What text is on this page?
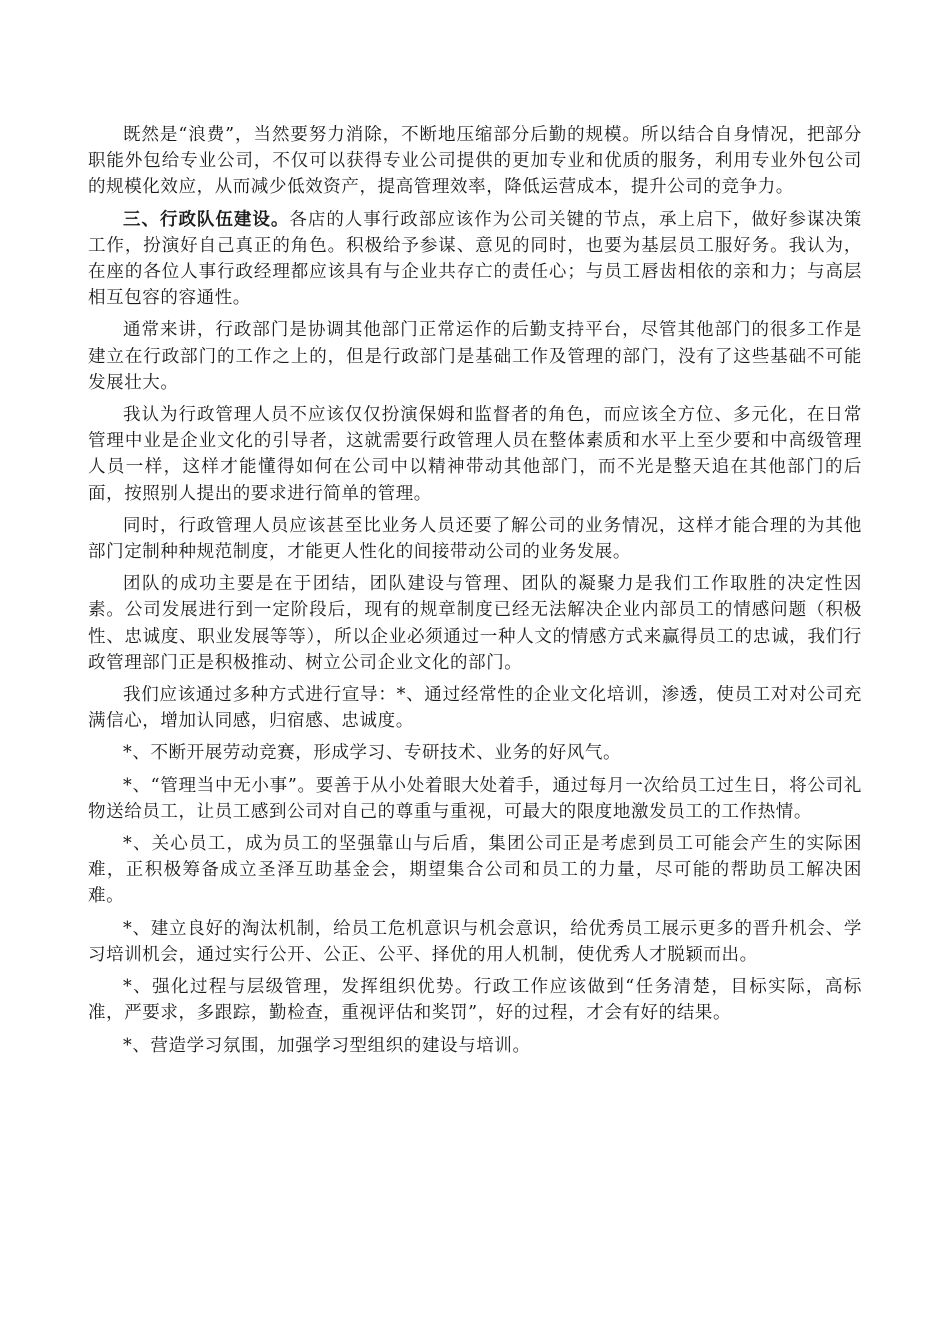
既然是“浪费”，当然要努力消除，不断地压缩部分后勤的规模。所以结合自身情况，把部分职能外包给专业公司，不仅可以获得专业公司提供的更加专业和优质的服务，利用专业外包公司的规模化效应，从而减少低效资产，提高管理效率，降低运营成本，提升公司的竞争力。

三、行政队伍建设。各店的人事行政部应该作为公司关键的节点，承上启下，做好参谋决策工作，扮演好自己真正的角色。积极给予参谋、意见的同时，也要为基层员工服好务。我认为，在座的各位人事行政经理都应该具有与企业共存亡的责任心；与员工唇齿相依的亲和力；与高层相互包容的容通性。

通常来讲，行政部门是协调其他部门正常运作的后勤支持平台，尽管其他部门的很多工作是建立在行政部门的工作之上的，但是行政部门是基础工作及管理的部门，没有了这些基础不可能发展壮大。

我认为行政管理人员不应该仅仅扮演保姆和监督者的角色，而应该全方位、多元化，在日常管理中业是企业文化的引导者，这就需要行政管理人员在整体素质和水平上至少要和中高级管理人员一样，这样才能懂得如何在公司中以精神带动其他部门，而不光是整天追在其他部门的后面，按照别人提出的要求进行简单的管理。

同时，行政管理人员应该甚至比业务人员还要了解公司的业务情况，这样才能合理的为其他部门定制种种规范制度，才能更人性化的间接带动公司的业务发展。

团队的成功主要是在于团结，团队建设与管理、团队的凝聚力是我们工作取胜的决定性因素。公司发展进行到一定阶段后，现有的规章制度已经无法解决企业内部员工的情感问题（积极性、忠诚度、职业发展等等），所以企业必须通过一种人文的情感方式来赢得员工的忠诚，我们行政管理部门正是积极推动、树立公司企业文化的部门。

我们应该通过多种方式进行宣导：*、通过经常性的企业文化培训，渗透，使员工对对公司充满信心，增加认同感，归宿感、忠诚度。

*、不断开展劳动竞赛，形成学习、专研技术、业务的好风气。

*、“管理当中无小事”。要善于从小处着眼大处着手，通过每月一次给员工过生日，将公司礼物送给员工，让员工感到公司对自己的尊重与重视，可最大的限度地激发员工的工作热情。

*、关心员工，成为员工的坚强靠山与后盾，集团公司正是考虑到员工可能会产生的实际困难，正积极筹备成立圣泽互助基金会，期望集合公司和员工的力量，尽可能的帮助员工解决困难。

*、建立良好的淘汰机制，给员工危机意识与机会意识，给优秀员工展示更多的晋升机会、学习培训机会，通过实行公开、公正、公平、择优的用人机制，使优秀人才脱颖而出。

*、强化过程与层级管理，发挥组织优势。行政工作应该做到“任务清楚，目标实际，高标准，严要求，多跟踪，勤检查，重视评估和奖罚”，好的过程，才会有好的结果。

*、营造学习氛围，加强学习型组织的建设与培训。
